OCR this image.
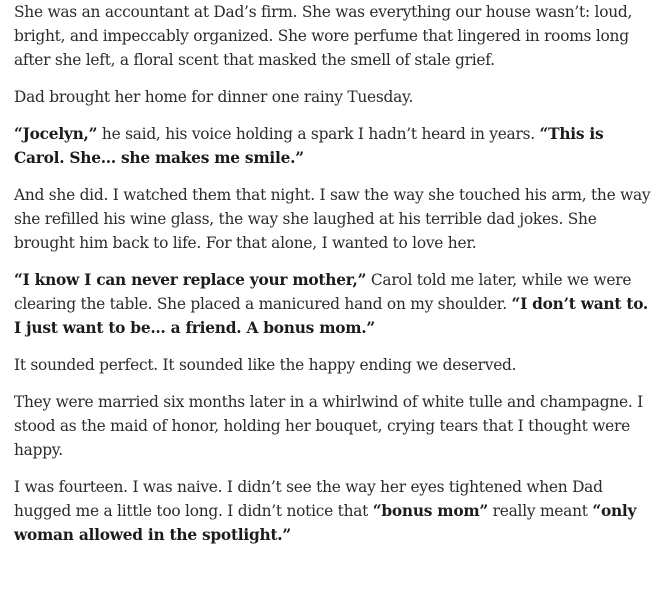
She was an accountant at Dad’s firm. She was everything our house wasn’t: loud, bright, and impeccably organized. She wore perfume that lingered in rooms long after she left, a floral scent that masked the smell of stale grief.

Dad brought her home for dinner one rainy Tuesday.

“Jocelyn,” he said, his voice holding a spark I hadn’t heard in years. “This is Carol. She… she makes me smile.”

And she did. I watched them that night. I saw the way she touched his arm, the way she refilled his wine glass, the way she laughed at his terrible dad jokes. She brought him back to life. For that alone, I wanted to love her.

“I know I can never replace your mother,” Carol told me later, while we were clearing the table. She placed a manicured hand on my shoulder. “I don’t want to. I just want to be… a friend. A bonus mom.”

It sounded perfect. It sounded like the happy ending we deserved.

They were married six months later in a whirlwind of white tulle and champagne. I stood as the maid of honor, holding her bouquet, crying tears that I thought were happy.

I was fourteen. I was naive. I didn’t see the way her eyes tightened when Dad hugged me a little too long. I didn’t notice that “bonus mom” really meant “only woman allowed in the spotlight.”
